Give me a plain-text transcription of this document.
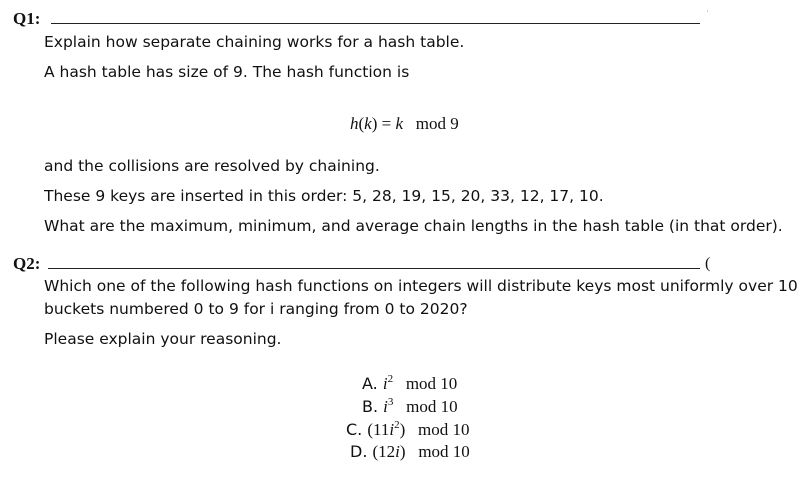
Q1:	·
Explain how separate chaining works for a hash table.
A hash table has size of 9. The hash function is
h(k) = k   mod 9
and the collisions are resolved by chaining.
These 9 keys are inserted in this order: 5, 28, 19, 15, 20, 33, 12, 17, 10.
What are the maximum, minimum, and average chain lengths in the hash table (in that order).
Q2:	(
Which one of the following hash functions on integers will distribute keys most uniformly over 10
buckets numbered 0 to 9 for i ranging from 0 to 2020?
Please explain your reasoning.
A. $i^2$   mod 10
B. $i^3$   mod 10
C. $(11i^2)$   mod 10
D. (12i)   mod 10
